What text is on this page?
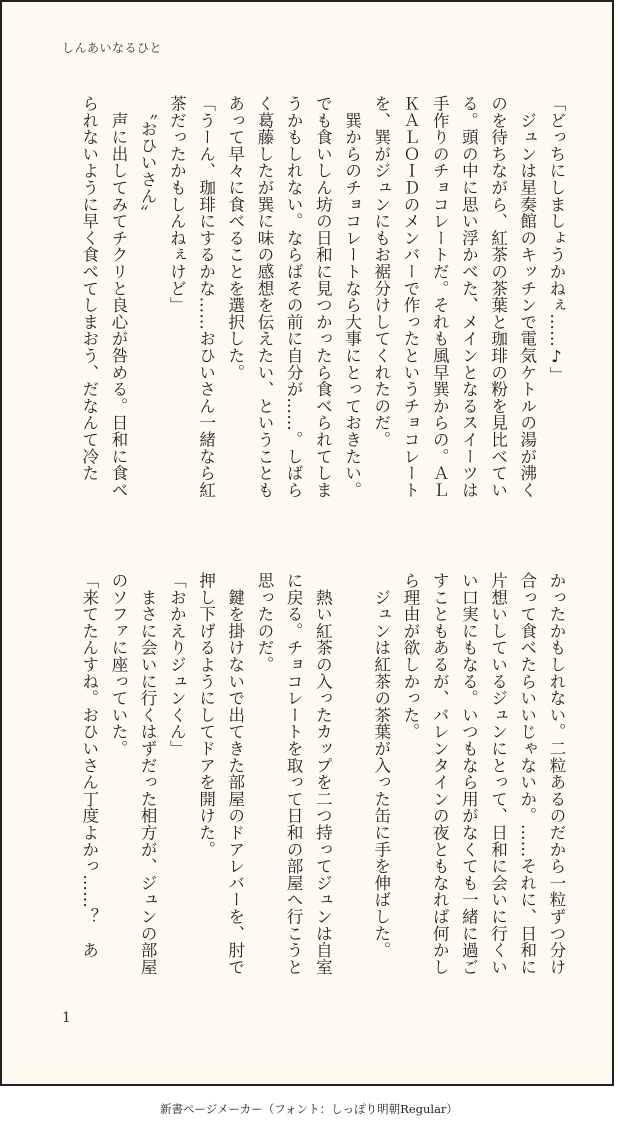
しんあいなるひと
「どっちにしましょうかねぇ……♪」
　ジュンは星奏館のキッチンで電気ケトルの湯が沸く
のを待ちながら、紅茶の茶葉と珈琲の粉を見比べてい
る。頭の中に思い浮かべた、メインとなるスイーツは
手作りのチョコレートだ。それも風早巽からの。ＡＬ
ＫＡＬＯＩＤのメンバーで作ったというチョコレート
を、巽がジュンにもお裾分けしてくれたのだ。
　巽からのチョコレートなら大事にとっておきたい。
でも食いしん坊の日和に見つかったら食べられてしま
うかもしれない。ならばその前に自分が……。しばら
く葛藤したが巽に味の感想を伝えたい、ということも
あって早々に食べることを選択した。
「うーん、珈琲にするかな……おひいさん一緒なら紅
茶だったかもしんねぇけど」
　〝おひいさん〟
　声に出してみてチクリと良心が咎める。日和に食べ
られないように早く食べてしまおう、だなんて冷た
かったかもしれない。二粒あるのだから一粒ずつ分け
合って食べたらいいじゃないか。……それに、日和に
片想いしているジュンにとって、日和に会いに行くい
い口実にもなる。いつもなら用がなくても一緒に過ご
すこともあるが、バレンタインの夜ともなれば何かし
ら理由が欲しかった。
　ジュンは紅茶の茶葉が入った缶に手を伸ばした。

　熱い紅茶の入ったカップを二つ持ってジュンは自室
に戻る。チョコレートを取って日和の部屋へ行こうと
思ったのだ。
　鍵を掛けないで出てきた部屋のドアレバーを、肘で
押し下げるようにしてドアを開けた。
「おかえりジュンくん」
　まさに会いに行くはずだった相方が、ジュンの部屋
のソファに座っていた。
「来てたんすね。おひいさん丁度よかっ……？　あ
1
新書ページメーカー（フォント：しっぽり明朝Regular）
